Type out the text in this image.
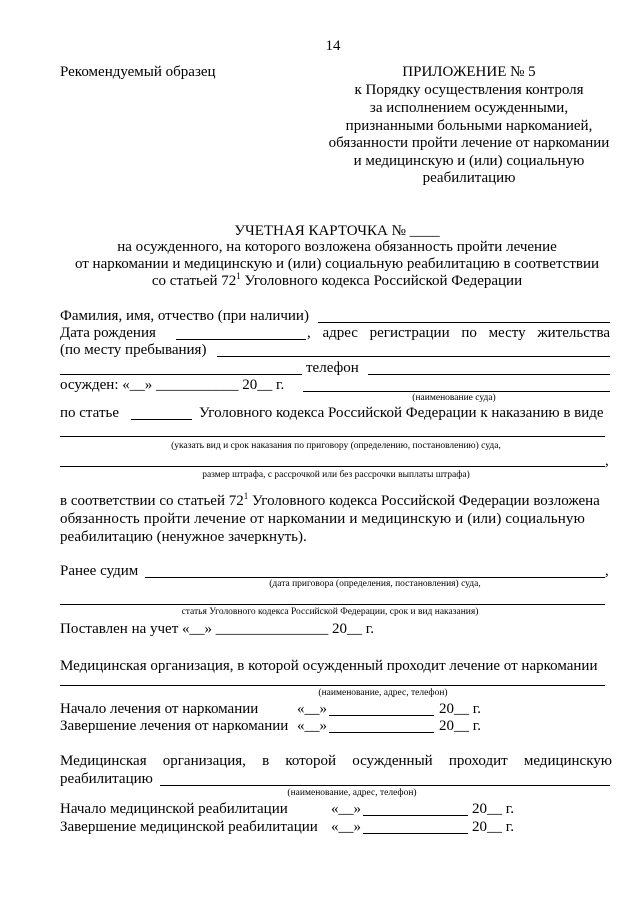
14
Рекомендуемый образец	ПРИЛОЖЕНИЕ № 5
к Порядку осуществления контроля
за исполнением осужденными,
признанными больными наркоманией,
обязанности пройти лечение от наркомании
и медицинскую и (или) социальную
реабилитацию
УЧЕТНАЯ КАРТОЧКА № ____
на осужденного, на которого возложена обязанность пройти лечение
от наркомании и медицинскую и (или) социальную реабилитацию в соответствии
со статьей $72^1$ Уголовного кодекса Российской Федерации
Фамилия, имя, отчество (при наличии)
Дата рождения	, адрес регистрации по месту жительства
(по месту пребывания)
телефон
осужден: «__» ___________ 20__ г.
(наименование суда)
по статье	Уголовного кодекса Российской Федерации к наказанию в виде
(указать вид и срок наказания по приговору (определению, постановлению) суда,
,
размер штрафа, с рассрочкой или без рассрочки выплаты штрафа)
в соответствии со статьей $72^1$ Уголовного кодекса Российской Федерации возложена
обязанность пройти лечение от наркомании и медицинскую и (или) социальную
реабилитацию (ненужное зачеркнуть).
Ранее судим	,
(дата приговора (определения, постановления) суда,
статья Уголовного кодекса Российской Федерации, срок и вид наказания)
Поставлен на учет «__» _______________ 20__ г.
Медицинская организация, в которой осужденный проходит лечение от наркомании
(наименование, адрес, телефон)
Начало лечения от наркомании	«__»	20__ г.
Завершение лечения от наркомании «__»	20__ г.
Медицинская организация, в которой осужденный проходит медицинскую
реабилитацию
(наименование, адрес, телефон)
Начало медицинской реабилитации	«__»	20__ г.
Завершение медицинской реабилитации «__»	20__ г.
